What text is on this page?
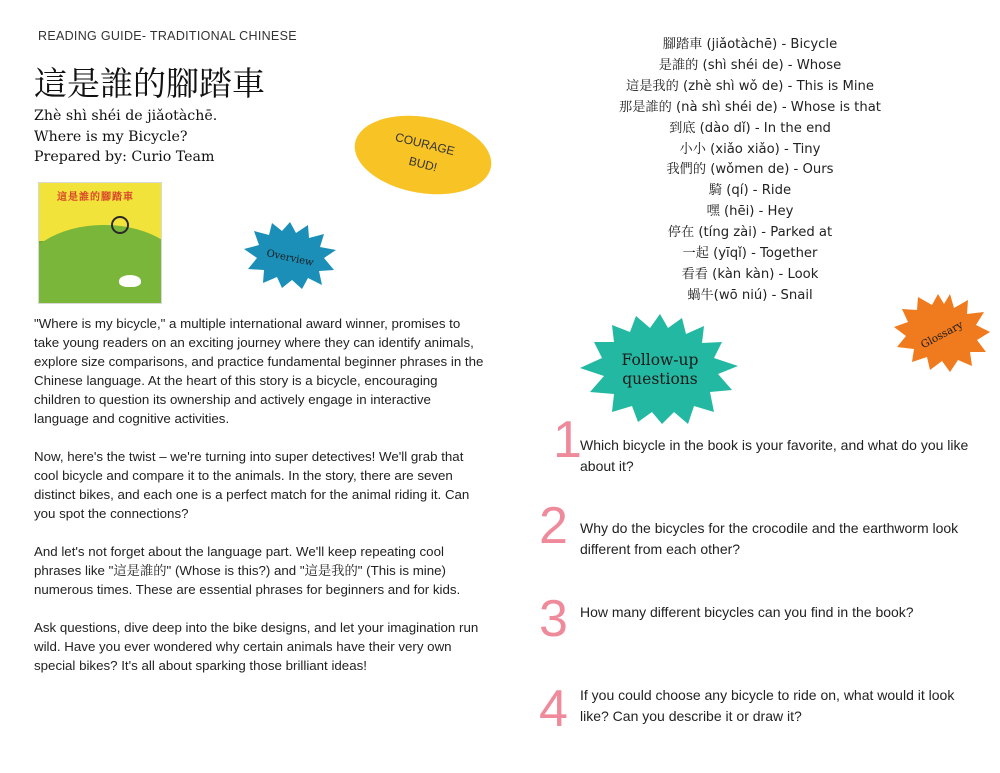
READING GUIDE- TRADITIONAL CHINESE
這是誰的腳踏車
Zhè shì shéi de jiǎotàchē.
Where is my Bicycle?
Prepared by: Curio Team
這是誰的腳踏車
COURAGE
BUD!
Overview

"Where is my bicycle," a multiple international award winner, promises to take young readers on an exciting journey where they can identify animals, explore size comparisons, and practice fundamental beginner phrases in the Chinese language. At the heart of this story is a bicycle, encouraging children to question its ownership and actively engage in interactive language and cognitive activities.

Now, here's the twist – we're turning into super detectives! We'll grab that cool bicycle and compare it to the animals. In the story, there are seven distinct bikes, and each one is a perfect match for the animal riding it. Can you spot the connections?

And let's not forget about the language part. We'll keep repeating cool phrases like "這是誰的" (Whose is this?) and "這是我的" (This is mine) numerous times. These are essential phrases for beginners and for kids.

Ask questions, dive deep into the bike designs, and let your imagination run wild. Have you ever wondered why certain animals have their very own special bikes? It's all about sparking those brilliant ideas!

腳踏車 (jiǎotàchē) - Bicycle
是誰的 (shì shéi de) - Whose
這是我的 (zhè shì wǒ de) - This is Mine
那是誰的 (nà shì shéi de) - Whose is that
到底 (dào dǐ) - In the end
小小 (xiǎo xiǎo) - Tiny
我們的 (wǒmen de) - Ours
騎 (qí) - Ride
嘿 (hēi) - Hey
停在 (tíng zài) - Parked at
一起 (yīqǐ) - Together
看看 (kàn kàn) - Look
蝸牛(wō niú) - Snail
Glossary
Follow-up
questions
1
Which bicycle in the book is your favorite, and what do you like about it?
2 Why do the bicycles for the crocodile and the earthworm look different from each other?
3 How many different bicycles can you find in the book?
4 If you could choose any bicycle to ride on, what would it look like? Can you describe it or draw it?
